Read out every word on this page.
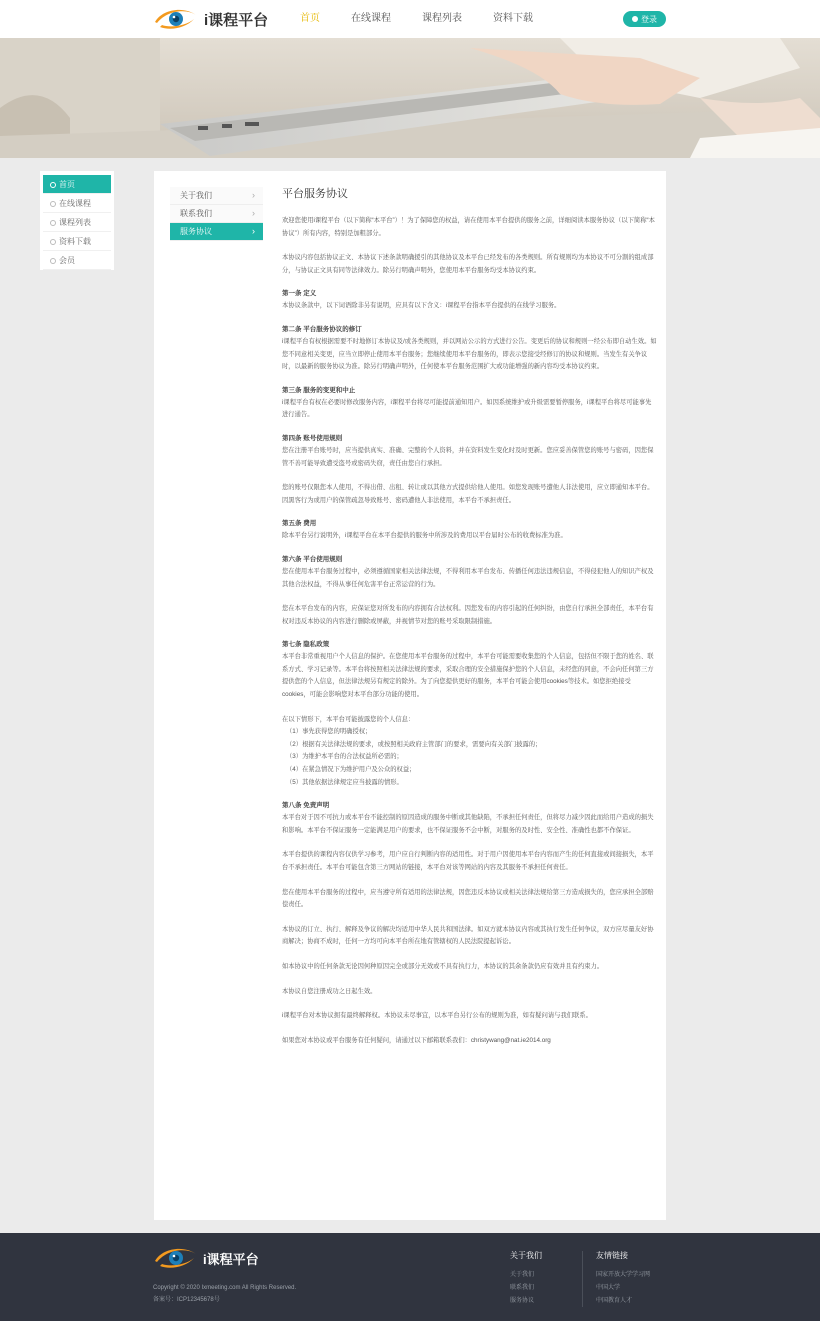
i课程平台	首页	在线课程	课程列表	资料下载	登录
首页
在线课程
课程列表
资料下载
会员
关于我们 ›
联系我们 ›
服务协议 ›
平台服务协议

欢迎您使用i课程平台（以下简称“本平台”）！为了保障您的权益，请在使用本平台提供的服务之前，详细阅读本服务协议（以下简称“本协议”）所有内容，特别是加粗部分。

本协议内容包括协议正文、本协议下述条款明确援引的其他协议及本平台已经发布的各类规则。所有规则均为本协议不可分割的组成部分，与协议正文具有同等法律效力。除另行明确声明外，您使用本平台服务均受本协议约束。

第一条 定义

本协议条款中，以下词语除非另有说明，应具有以下含义：i课程平台指本平台提供的在线学习服务。

第二条 平台服务协议的修订

i课程平台有权根据需要不时地修订本协议及/或各类规则，并以网站公示的方式进行公告。变更后的协议和规则一经公布即自动生效。如您不同意相关变更，应当立即停止使用本平台服务；您继续使用本平台服务的，即表示您接受经修订的协议和规则。当发生有关争议时，以最新的服务协议为准。除另行明确声明外，任何使本平台服务范围扩大或功能增强的新内容均受本协议约束。

第三条 服务的变更和中止

i课程平台有权在必要时修改服务内容，i课程平台将尽可能提前通知用户。如因系统维护或升级需要暂停服务，i课程平台将尽可能事先进行通告。

第四条 账号使用规则

您在注册平台账号时，应当提供真实、准确、完整的个人资料，并在资料发生变化时及时更新。您应妥善保管您的账号与密码，因您保管不善可能导致遭受盗号或密码失窃，责任由您自行承担。

您的账号仅限您本人使用，不得出借、出租、转让或以其他方式提供给他人使用。如您发现账号遭他人非法使用，应立即通知本平台。因黑客行为或用户的保管疏忽导致账号、密码遭他人非法使用，本平台不承担责任。

第五条 费用

除本平台另行说明外，i课程平台在本平台提供的服务中所涉及的费用以平台届时公布的收费标准为准。

第六条 平台使用规则

您在使用本平台服务过程中，必须遵循国家相关法律法规，不得利用本平台发布、传播任何违法违规信息，不得侵犯他人的知识产权及其他合法权益，不得从事任何危害平台正常运营的行为。

您在本平台发布的内容，应保证您对所发布的内容拥有合法权利。因您发布的内容引起的任何纠纷，由您自行承担全部责任，本平台有权对违反本协议的内容进行删除或屏蔽，并视情节对您的账号采取限制措施。

第七条 隐私政策

本平台非常重视用户个人信息的保护。在您使用本平台服务的过程中，本平台可能需要收集您的个人信息，包括但不限于您的姓名、联系方式、学习记录等。本平台将按照相关法律法规的要求，采取合理的安全措施保护您的个人信息，未经您的同意，不会向任何第三方提供您的个人信息，但法律法规另有规定的除外。为了向您提供更好的服务，本平台可能会使用cookies等技术。如您拒绝接受cookies，可能会影响您对本平台部分功能的使用。

在以下情形下，本平台可能披露您的个人信息：

（1）事先获得您的明确授权；

（2）根据有关法律法规的要求，或按照相关政府主管部门的要求，需要向有关部门披露的；

（3）为维护本平台的合法权益所必需的；

（4）在紧急情况下为维护用户及公众的权益；

（5）其他依据法律规定应当披露的情形。

第八条 免责声明

本平台对于因不可抗力或本平台不能控制的原因造成的服务中断或其他缺陷，不承担任何责任，但将尽力减少因此而给用户造成的损失和影响。本平台不保证服务一定能满足用户的要求，也不保证服务不会中断，对服务的及时性、安全性、准确性也都不作保证。

本平台提供的课程内容仅供学习参考，用户应自行判断内容的适用性。对于用户因使用本平台内容而产生的任何直接或间接损失，本平台不承担责任。本平台可能包含第三方网站的链接，本平台对该等网站的内容及其服务不承担任何责任。

您在使用本平台服务的过程中，应当遵守所有适用的法律法规，因您违反本协议或相关法律法规给第三方造成损失的，您应承担全部赔偿责任。

本协议的订立、执行、解释及争议的解决均适用中华人民共和国法律。如双方就本协议内容或其执行发生任何争议，双方应尽量友好协商解决；协商不成时，任何一方均可向本平台所在地有管辖权的人民法院提起诉讼。

如本协议中的任何条款无论因何种原因完全或部分无效或不具有执行力，本协议的其余条款仍应有效并且有约束力。

本协议自您注册成功之日起生效。

i课程平台对本协议拥有最终解释权。本协议未尽事宜，以本平台另行公布的规则为准，如有疑问请与我们联系。

如果您对本协议或平台服务有任何疑问，请通过以下邮箱联系我们：christywang@nat.ie2014.org

i课程平台
Copyright © 2020 Ixmeeting.com All Rights Reserved.
备案号：ICP12345678号
关于我们
关于我们
联系我们
服务协议
友情链接
国家开放大学学习网
中国大学
中国教育人才
